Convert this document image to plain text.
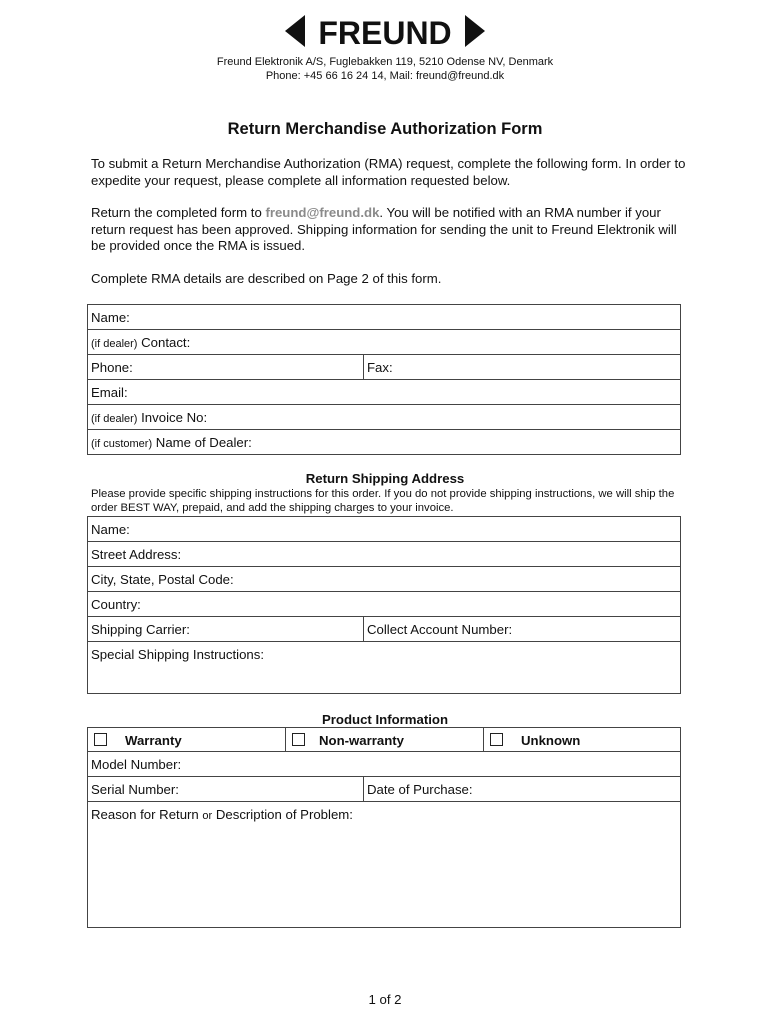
FREUND
Freund Elektronik A/S, Fuglebakken 119, 5210 Odense NV, Denmark
Phone: +45 66 16 24 14, Mail: freund@freund.dk
Return Merchandise Authorization Form
To submit a Return Merchandise Authorization (RMA) request, complete the following form. In order to expedite your request, please complete all information requested below.
Return the completed form to freund@freund.dk. You will be notified with an RMA number if your return request has been approved. Shipping information for sending the unit to Freund Elektronik will be provided once the RMA is issued.
Complete RMA details are described on Page 2 of this form.
Name:
(if dealer) Contact:
Phone:	Fax:
Email:
(if dealer) Invoice No:
(if customer) Name of Dealer:
Return Shipping Address
Please provide specific shipping instructions for this order. If you do not provide shipping instructions, we will ship the order BEST WAY, prepaid, and add the shipping charges to your invoice.
Name:
Street Address:
City, State, Postal Code:
Country:
Shipping Carrier:	Collect Account Number:
Special Shipping Instructions:
Product Information
Warranty	Non-warranty		Unknown
Model Number:			
Serial Number:		Date of Purchase:	
Reason for Return or Description of Problem:			
1 of 2
